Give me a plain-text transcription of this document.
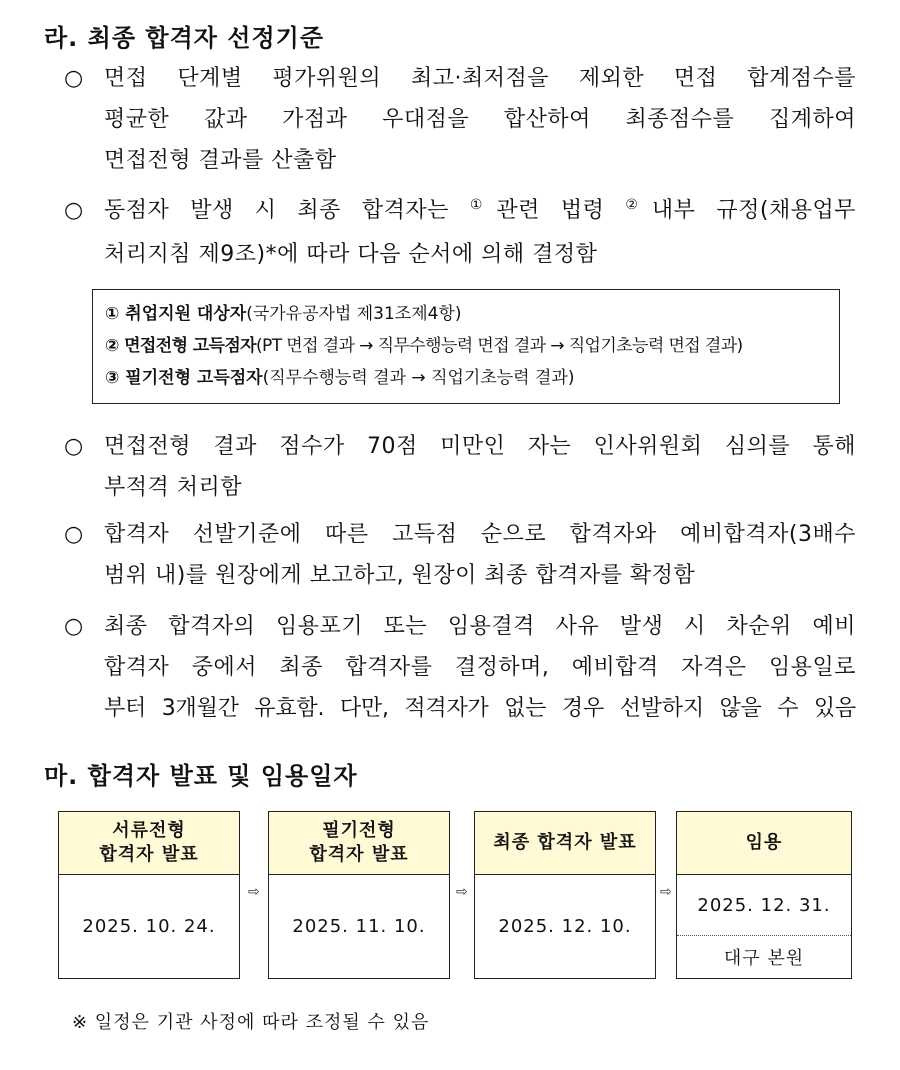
라. 최종 합격자 선정기준
○ 면접 단계별 평가위원의 최고·최저점을 제외한 면접 합계점수를
평균한 값과 가점과 우대점을 합산하여 최종점수를 집계하여
면접전형 결과를 산출함
○ 동점자 발생 시 최종 합격자는 ①관련 법령 ②내부 규정(채용업무
처리지침 제9조)*에 따라 다음 순서에 의해 결정함
① 취업지원 대상자(국가유공자법 제31조제4항)
② 면접전형 고득점자(PT 면접 결과 → 직무수행능력 면접 결과 → 직업기초능력 면접 결과)
③ 필기전형 고득점자(직무수행능력 결과 → 직업기초능력 결과)
○ 면접전형 결과 점수가 70점 미만인 자는 인사위원회 심의를 통해
부적격 처리함
○ 합격자 선발기준에 따른 고득점 순으로 합격자와 예비합격자(3배수
범위 내)를 원장에게 보고하고, 원장이 최종 합격자를 확정함
○ 최종 합격자의 임용포기 또는 임용결격 사유 발생 시 차순위 예비
합격자 중에서 최종 합격자를 결정하며, 예비합격 자격은 임용일로
부터 3개월간 유효함. 다만, 적격자가 없는 경우 선발하지 않을 수 있음
마. 합격자 발표 및 임용일자
서류전형
합격자 발표
2025. 10. 24.
⇨
필기전형
합격자 발표
2025. 11. 10.
⇨
최종 합격자 발표
2025. 12. 10.
⇨
임용
2025. 12. 31.
대구 본원
※ 일정은 기관 사정에 따라 조정될 수 있음
